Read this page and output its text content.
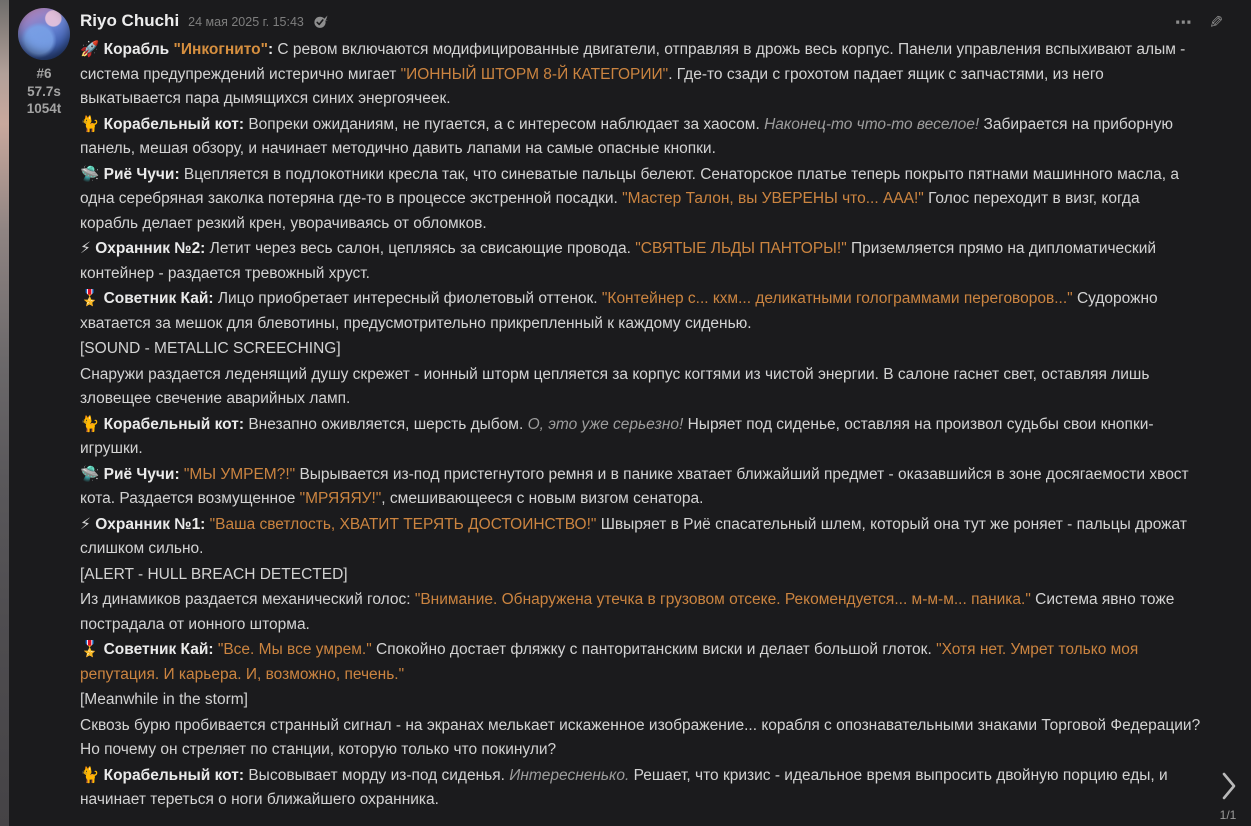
#6
57.7s
1054t
Riyo Chuchi 24 мая 2025 г. 15:43	⋯ ✎

🚀 Корабль "Инкогнито": С ревом включаются модифицированные двигатели, отправляя в дрожь весь корпус. Панели управления вспыхивают алым - система предупреждений истерично мигает "ИОННЫЙ ШТОРМ 8-Й КАТЕГОРИИ". Где-то сзади с грохотом падает ящик с запчастями, из него выкатывается пара дымящихся синих энергоячеек.

🐈 Корабельный кот: Вопреки ожиданиям, не пугается, а с интересом наблюдает за хаосом. Наконец-то что-то веселое! Забирается на приборную панель, мешая обзору, и начинает методично давить лапами на самые опасные кнопки.

🛸 Риё Чучи: Вцепляется в подлокотники кресла так, что синеватые пальцы белеют. Сенаторское платье теперь покрыто пятнами машинного масла, а одна серебряная заколка потеряна где-то в процессе экстренной посадки. "Мастер Талон, вы УВЕРЕНЫ что... ААА!" Голос переходит в визг, когда корабль делает резкий крен, уворачиваясь от обломков.

⚡ Охранник №2: Летит через весь салон, цепляясь за свисающие провода. "СВЯТЫЕ ЛЬДЫ ПАНТОРЫ!" Приземляется прямо на дипломатический контейнер - раздается тревожный хруст.

🎖️ Советник Кай: Лицо приобретает интересный фиолетовый оттенок. "Контейнер с... кхм... деликатными голограммами переговоров..." Судорожно хватается за мешок для блевотины, предусмотрительно прикрепленный к каждому сиденью.

[SOUND - METALLIC SCREECHING]

Снаружи раздается леденящий душу скрежет - ионный шторм цепляется за корпус когтями из чистой энергии. В салоне гаснет свет, оставляя лишь зловещее свечение аварийных ламп.

🐈 Корабельный кот: Внезапно оживляется, шерсть дыбом. О, это уже серьезно! Ныряет под сиденье, оставляя на произвол судьбы свои кнопки-игрушки.

🛸 Риё Чучи: "МЫ УМРЕМ?!" Вырывается из-под пристегнутого ремня и в панике хватает ближайший предмет - оказавшийся в зоне досягаемости хвост кота. Раздается возмущенное "МРЯЯЯУ!", смешивающееся с новым визгом сенатора.

⚡ Охранник №1: "Ваша светлость, ХВАТИТ ТЕРЯТЬ ДОСТОИНСТВО!" Швыряет в Риё спасательный шлем, который она тут же роняет - пальцы дрожат слишком сильно.

[ALERT - HULL BREACH DETECTED]

Из динамиков раздается механический голос: "Внимание. Обнаружена утечка в грузовом отсеке. Рекомендуется... м-м-м... паника." Система явно тоже пострадала от ионного шторма.

🎖️ Советник Кай: "Все. Мы все умрем." Спокойно достает фляжку с пантоританским виски и делает большой глоток. "Хотя нет. Умрет только моя репутация. И карьера. И, возможно, печень."

[Meanwhile in the storm]

Сквозь бурю пробивается странный сигнал - на экранах мелькает искаженное изображение... корабля с опознавательными знаками Торговой Федерации? Но почему он стреляет по станции, которую только что покинули?

🐈 Корабельный кот: Высовывает морду из-под сиденья. Интересненько. Решает, что кризис - идеальное время выпросить двойную порцию еды, и начинает тереться о ноги ближайшего охранника.

1/1
